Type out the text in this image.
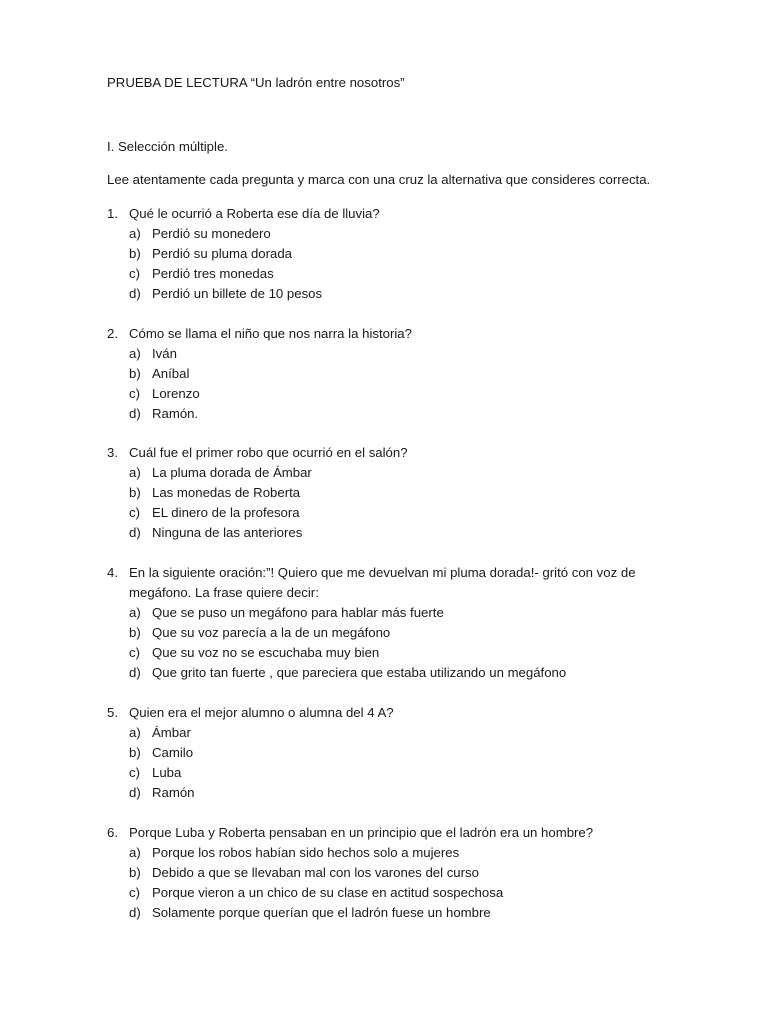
PRUEBA DE LECTURA “Un ladrón entre nosotros”
I. Selección múltiple.
Lee atentamente cada pregunta y marca con una cruz la alternativa que consideres correcta.
1. Qué le ocurrió a Roberta ese día de lluvia?
a) Perdió su monedero
b) Perdió su pluma dorada
c) Perdió tres monedas
d) Perdió un billete de 10 pesos
2. Cómo se llama el niño que nos narra la historia?
a) Iván
b) Aníbal
c) Lorenzo
d) Ramón.
3. Cuál fue el primer robo que ocurrió en el salón?
a) La pluma dorada de Ámbar
b) Las monedas de Roberta
c) EL dinero de la profesora
d) Ninguna de las anteriores
4. En la siguiente oración:”! Quiero que me devuelvan mi pluma dorada!- gritó con voz de megáfono. La frase quiere decir:
a) Que se puso un megáfono para hablar más fuerte
b) Que su voz parecía a la de un megáfono
c) Que su voz no se escuchaba muy bien
d) Que grito tan fuerte , que pareciera que estaba utilizando un megáfono
5. Quien era el mejor alumno o alumna del 4 A?
a) Ámbar
b) Camilo
c) Luba
d) Ramón
6. Porque Luba y Roberta pensaban en un principio que el ladrón era un hombre?
a) Porque los robos habían sido hechos solo a mujeres
b) Debido a que se llevaban mal con los varones del curso
c) Porque vieron a un chico de su clase en actitud sospechosa
d) Solamente porque querían que el ladrón fuese un hombre
